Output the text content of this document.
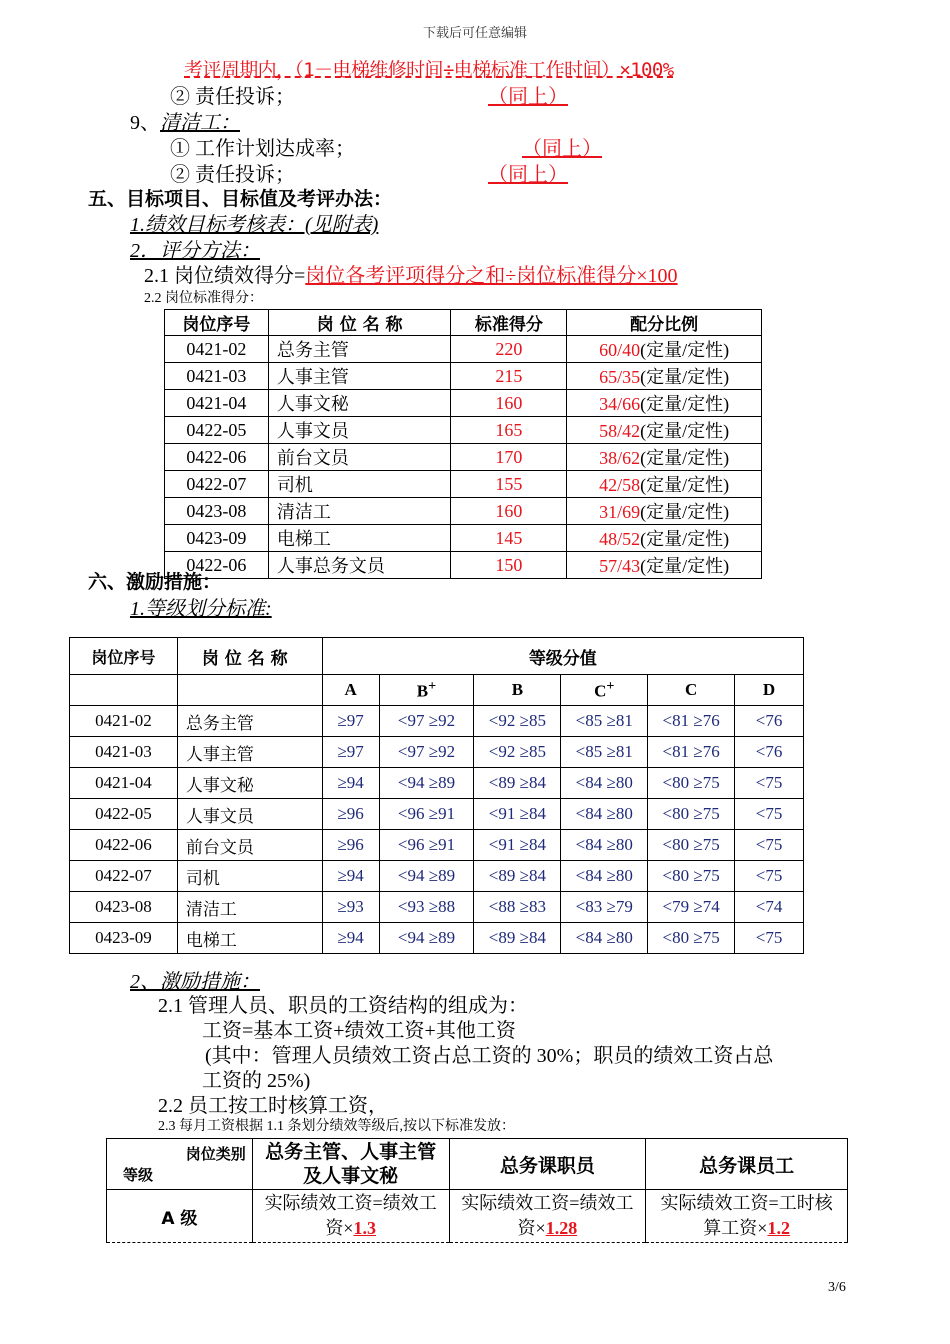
下载后可任意编辑
考评周期内，（1－电梯维修时间÷电梯标准工作时间）×100%
② 责任投诉；	（同上）
9、清洁工：
① 工作计划达成率；	（同上）
② 责任投诉；	（同上）
五、目标项目、目标值及考评办法：
1.绩效目标考核表：(见附表)
2．评分方法：
2.1 岗位绩效得分=岗位各考评项得分之和÷岗位标准得分×100
2.2 岗位标准得分：
岗位序号	岗 位 名 称	标准得分	配分比例
0421-02	总务主管	220	60/40(定量/定性)
0421-03	人事主管	215	65/35(定量/定性)
0421-04	人事文秘	160	34/66(定量/定性)
0422-05	人事文员	165	58/42(定量/定性)
0422-06	前台文员	170	38/62(定量/定性)
0422-07	司机	155	42/58(定量/定性)
0423-08	清洁工	160	31/69(定量/定性)
0423-09	电梯工	145	48/52(定量/定性)
0422-06	人事总务文员	150	57/43(定量/定性)
六、激励措施：
1.等级划分标准:
岗位序号	岗 位 名 称	等级分值					
		A	B+	B	C+	C	D
0421-02	总务主管	≥97	<97 ≥92	<92 ≥85	<85 ≥81	<81 ≥76	<76
0421-03	人事主管	≥97	<97 ≥92	<92 ≥85	<85 ≥81	<81 ≥76	<76
0421-04	人事文秘	≥94	<94 ≥89	<89 ≥84	<84 ≥80	<80 ≥75	<75
0422-05	人事文员	≥96	<96 ≥91	<91 ≥84	<84 ≥80	<80 ≥75	<75
0422-06	前台文员	≥96	<96 ≥91	<91 ≥84	<84 ≥80	<80 ≥75	<75
0422-07	司机	≥94	<94 ≥89	<89 ≥84	<84 ≥80	<80 ≥75	<75
0423-08	清洁工	≥93	<93 ≥88	<88 ≥83	<83 ≥79	<79 ≥74	<74
0423-09	电梯工	≥94	<94 ≥89	<89 ≥84	<84 ≥80	<80 ≥75	<75
2、激励措施：
2.1 管理人员、职员的工资结构的组成为：
工资=基本工资+绩效工资+其他工资
(其中：管理人员绩效工资占总工资的 30%；职员的绩效工资占总
工资的 25%)
2.2 员工按工时核算工资，
2.3 每月工资根据 1.1 条划分绩效等级后,按以下标准发放：
岗位类别
等级	总务主管、人事主管及人事文秘	总务课职员	总务课员工
A 级	实际绩效工资=绩效工资×1.3	实际绩效工资=绩效工资×1.28	实际绩效工资=工时核算工资×1.2
3/6
